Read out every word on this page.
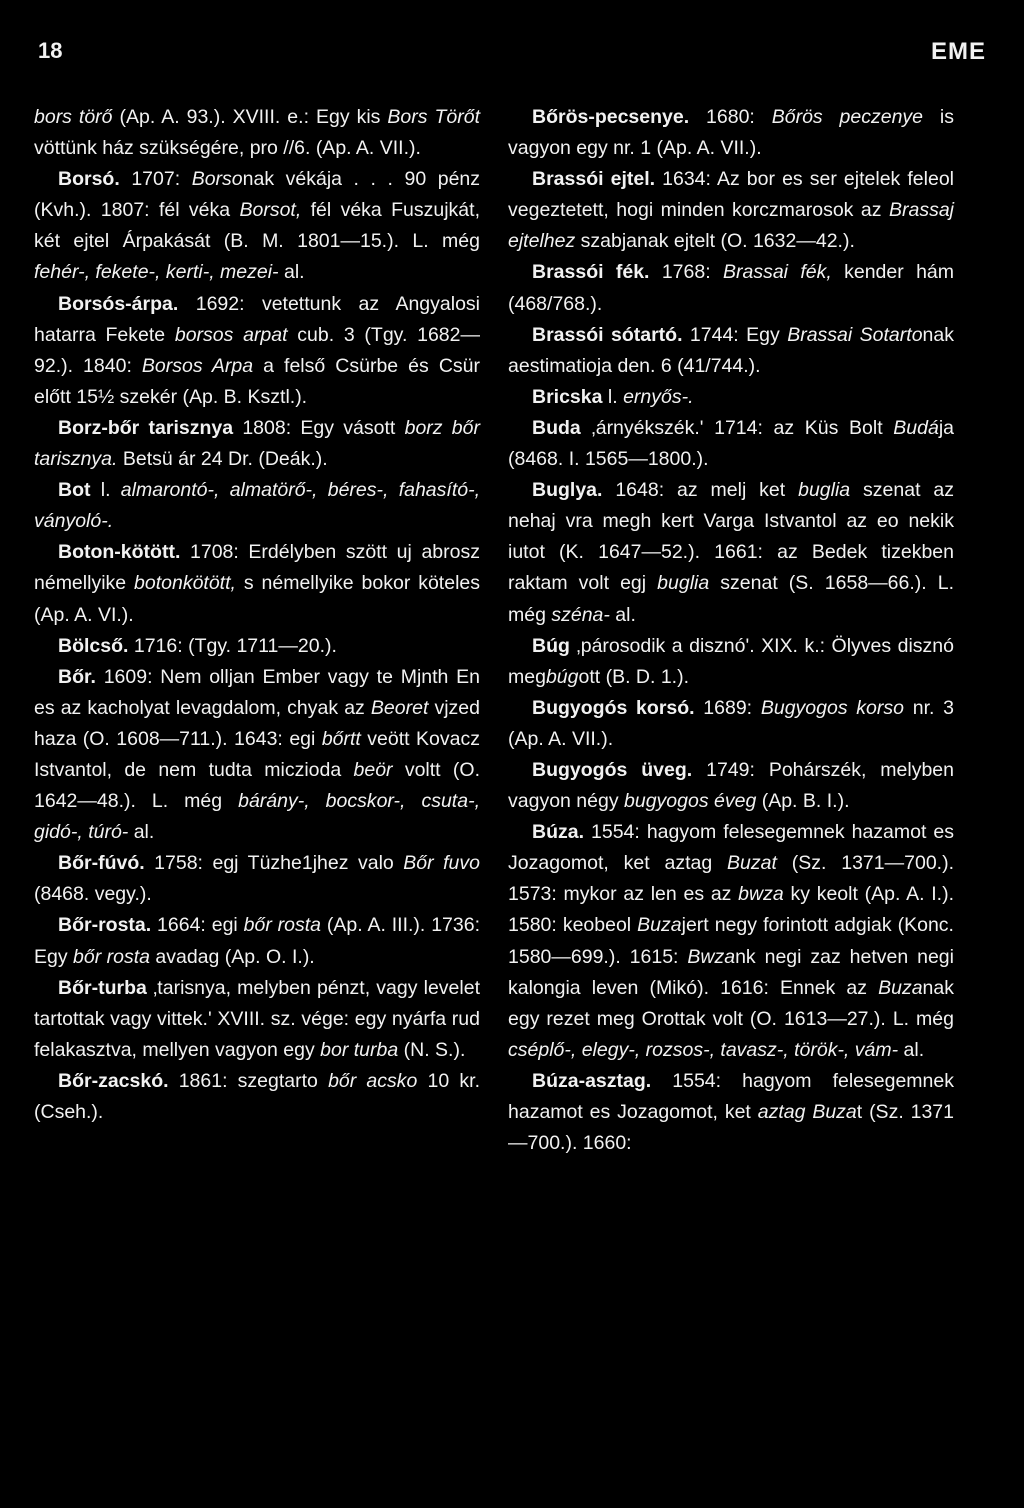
18	EME

bors törő (Ap. A. 93.). XVIII. e.: Egy kis Bors Törőt vöttünk ház szükségére, pro //6. (Ap. A. VII.).

Borsó. 1707: Borsonak vékája . . . 90 pénz (Kvh.). 1807: fél véka Borsot, fél véka Fuszujkát, két ejtel Árpakását (B. M. 1801—15.). L. még fehér-, fekete-, kerti-, mezei- al.

Borsós-árpa. 1692: vetettunk az Angyalosi hatarra Fekete borsos arpat cub. 3 (Tgy. 1682—92.). 1840: Borsos Arpa a felső Csürbe és Csür előtt 15½ szekér (Ap. B. Ksztl.).

Borz-bőr tarisznya 1808: Egy vásott borz bőr tarisznya. Betsü ár 24 Dr. (Deák.).

Bot l. almarontó-, almatörő-, béres-, fahasító-, ványoló-.

Boton-kötött. 1708: Erdélyben szött uj abrosz némellyike botonkötött, s némellyike bokor köteles (Ap. A. VI.).

Bölcső. 1716: (Tgy. 1711—20.).

Bőr. 1609: Nem olljan Ember vagy te Mjnth En es az kacholyat levagdalom, chyak az Beoret vjzed haza (O. 1608—711.). 1643: egi bőrtt veött Kovacz Istvantol, de nem tudta miczioda beör voltt (O. 1642—48.). L. még bárány-, bocskor-, csuta-, gidó-, túró- al.

Bőr-fúvó. 1758: egj Tüzhe1jhez valo Bőr fuvo (8468. vegy.).

Bőr-rosta. 1664: egi bőr rosta (Ap. A. III.). 1736: Egy bőr rosta avadag (Ap. O. I.).

Bőr-turba ‚tarisnya, melyben pénzt, vagy levelet tartottak vagy vittek.' XVIII. sz. vége: egy nyárfa rud felakasztva, mellyen vagyon egy bor turba (N. S.).

Bőr-zacskó. 1861: szegtarto bőr acsko 10 kr. (Cseh.).

Bőrös-pecsenye. 1680: Bőrös peczenye is vagyon egy nr. 1 (Ap. A. VII.).

Brassói ejtel. 1634: Az bor es ser ejtelek feleol vegeztetett, hogi minden korczmarosok az Brassaj ejtelhez szabjanak ejtelt (O. 1632—42.).

Brassói fék. 1768: Brassai fék, kender hám (468/768.).

Brassói sótartó. 1744: Egy Brassai Sotartonak aestimatioja den. 6 (41/744.).

Bricska l. ernyős-.

Buda ‚árnyékszék.' 1714: az Küs Bolt Budája (8468. I. 1565—1800.).

Buglya. 1648: az melj ket buglia szenat az nehaj vra megh kert Varga Istvantol az eo nekik iutot (K. 1647—52.). 1661: az Bedek tizekben raktam volt egj buglia szenat (S. 1658—66.). L. még széna- al.

Búg ‚párosodik a disznó'. XIX. k.: Ölyves disznó megbúgott (B. D. 1.).

Bugyogós korsó. 1689: Bugyogos korso nr. 3 (Ap. A. VII.).

Bugyogós üveg. 1749: Pohárszék, melyben vagyon négy bugyogos éveg (Ap. B. I.).

Búza. 1554: hagyom felesegemnek hazamot es Jozagomot, ket aztag Buzat (Sz. 1371—700.). 1573: mykor az len es az bwza ky keolt (Ap. A. I.). 1580: keobeol Buzajert negy forintott adgiak (Konc. 1580—699.). 1615: Bwzank negi zaz hetven negi kalongia leven (Mikó). 1616: Ennek az Buzanak egy rezet meg Orottak volt (O. 1613—27.). L. még cséplő-, elegy-, rozsos-, tavasz-, török-, vám- al.

Búza-asztag. 1554: hagyom felesegemnek hazamot es Jozagomot, ket aztag Buzat (Sz. 1371—700.). 1660:
